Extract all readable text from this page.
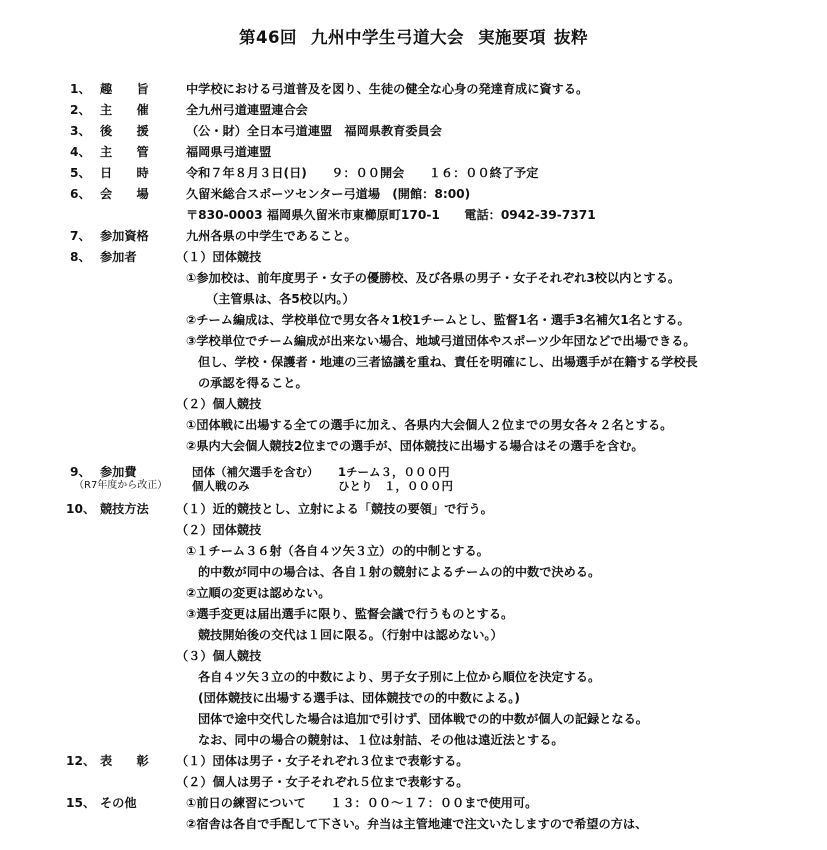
第46回 九州中学生弓道大会 実施要項 抜粋
1、 趣　　旨	中学校における弓道普及を図り、生徒の健全な心身の発達育成に資する。
2、 主　　催	全九州弓道連盟連合会
3、 後　　援	（公・財）全日本弓道連盟　福岡県教育委員会
4、 主　　管	福岡県弓道連盟
5、 日　　時	令和７年８月３日(日)　　９：００開会　　１６：００終了予定
6、 会　　場	久留米総合スポーツセンター弓道場　(開館：8:00)
〒830-0003 福岡県久留米市東櫛原町170-1　　電話：0942-39-7371
7、 参加資格	九州各県の中学生であること。
8、 参加者	（１）団体競技
①参加校は、前年度男子・女子の優勝校、及び各県の男子・女子それぞれ3校以内とする。
（主管県は、各5校以内。）
②チーム編成は、学校単位で男女各々1校1チームとし、監督1名・選手3名補欠1名とする。
③学校単位でチーム編成が出来ない場合、地域弓道団体やスポーツ少年団などで出場できる。
但し、学校・保護者・地連の三者協議を重ね、責任を明確にし、出場選手が在籍する学校長
の承認を得ること。
（２）個人競技
①団体戦に出場する全ての選手に加え、各県内大会個人２位までの男女各々２名とする。
②県内大会個人競技2位までの選手が、団体競技に出場する場合はその選手を含む。
9、 参加費	団体（補欠選手を含む） 1チーム３，０００円
（R7年度から改正） 個人戦のみ	ひとり　１，０００円
10、 競技方法 （１）近的競技とし、立射による「競技の要領」で行う。
（２）団体競技
①１チーム３６射（各自４ツ矢３立）の的中制とする。
的中数が同中の場合は、各自１射の競射によるチームの的中数で決める。
②立順の変更は認めない。
③選手変更は届出選手に限り、監督会議で行うものとする。
競技開始後の交代は１回に限る。（行射中は認めない。）
（３）個人競技
各自４ツ矢３立の的中数により、男子女子別に上位から順位を決定する。
(団体競技に出場する選手は、団体競技での的中数による。)
団体で途中交代した場合は追加で引けず、団体戦での的中数が個人の記録となる。
なお、同中の場合の競射は、１位は射詰、その他は遠近法とする。
12、 表　　彰 （１）団体は男子・女子それぞれ３位まで表彰する。
（２）個人は男子・女子それぞれ５位まで表彰する。
15、 その他	①前日の練習について　　１３：００～１７：００まで使用可。
②宿舎は各自で手配して下さい。弁当は主管地連で注文いたしますので希望の方は、
